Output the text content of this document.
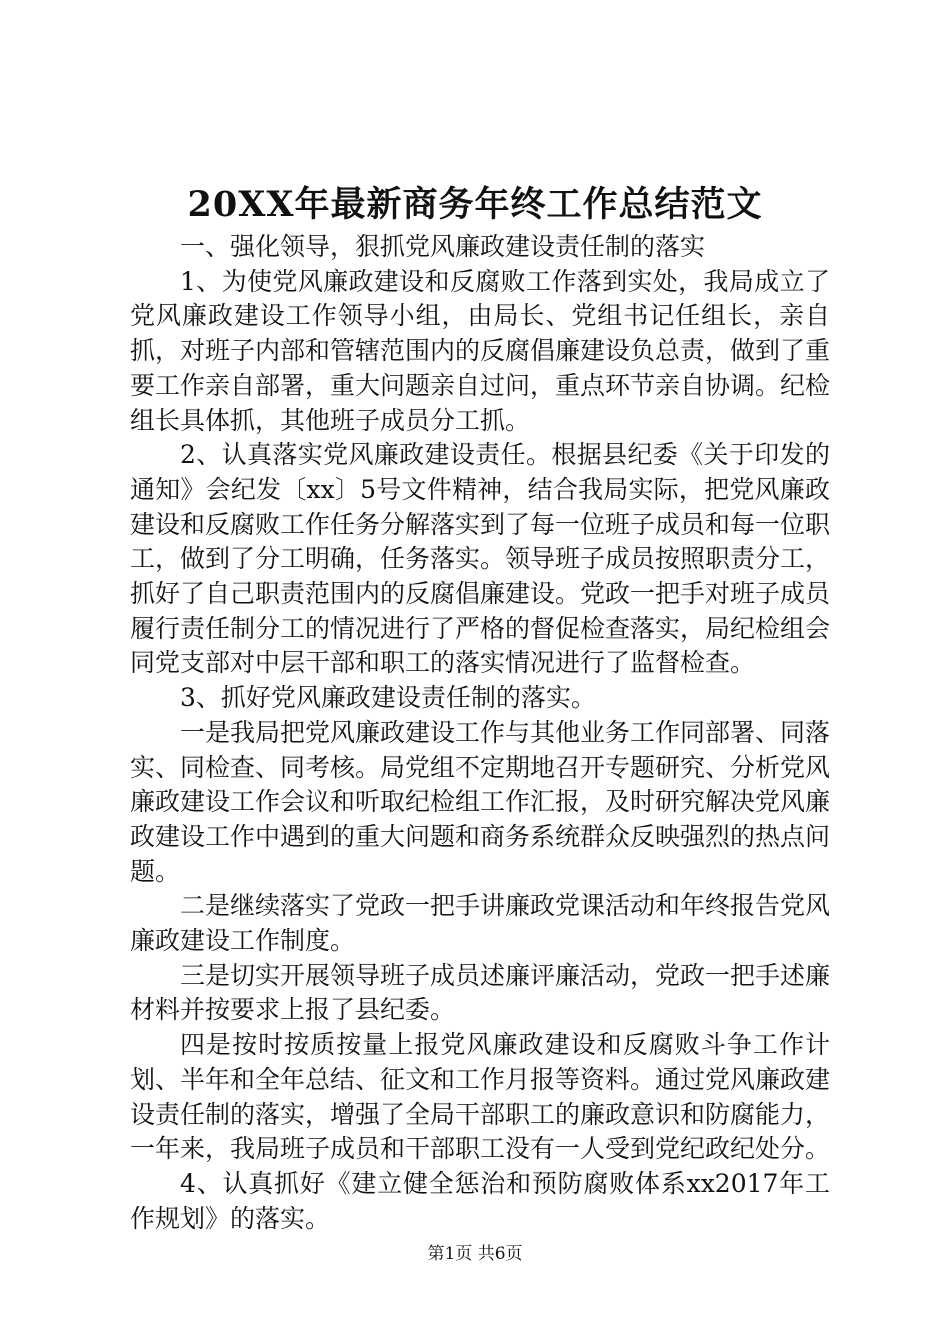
20XX年最新商务年终工作总结范文

一、强化领导，狠抓党风廉政建设责任制的落实

1、为使党风廉政建设和反腐败工作落到实处，我局成立了党风廉政建设工作领导小组，由局长、党组书记任组长，亲自抓，对班子内部和管辖范围内的反腐倡廉建设负总责，做到了重要工作亲自部署，重大问题亲自过问，重点环节亲自协调。纪检组长具体抓，其他班子成员分工抓。

2、认真落实党风廉政建设责任。根据县纪委《关于印发的通知》会纪发〔xx〕5号文件精神，结合我局实际，把党风廉政建设和反腐败工作任务分解落实到了每一位班子成员和每一位职工，做到了分工明确，任务落实。领导班子成员按照职责分工，抓好了自己职责范围内的反腐倡廉建设。党政一把手对班子成员履行责任制分工的情况进行了严格的督促检查落实，局纪检组会同党支部对中层干部和职工的落实情况进行了监督检查。

3、抓好党风廉政建设责任制的落实。

一是我局把党风廉政建设工作与其他业务工作同部署、同落实、同检查、同考核。局党组不定期地召开专题研究、分析党风廉政建设工作会议和听取纪检组工作汇报，及时研究解决党风廉政建设工作中遇到的重大问题和商务系统群众反映强烈的热点问题。

二是继续落实了党政一把手讲廉政党课活动和年终报告党风廉政建设工作制度。

三是切实开展领导班子成员述廉评廉活动，党政一把手述廉材料并按要求上报了县纪委。

四是按时按质按量上报党风廉政建设和反腐败斗争工作计划、半年和全年总结、征文和工作月报等资料。通过党风廉政建设责任制的落实，增强了全局干部职工的廉政意识和防腐能力，一年来，我局班子成员和干部职工没有一人受到党纪政纪处分。

4、认真抓好《建立健全惩治和预防腐败体系xx2017年工作规划》的落实。

第1页 共6页
